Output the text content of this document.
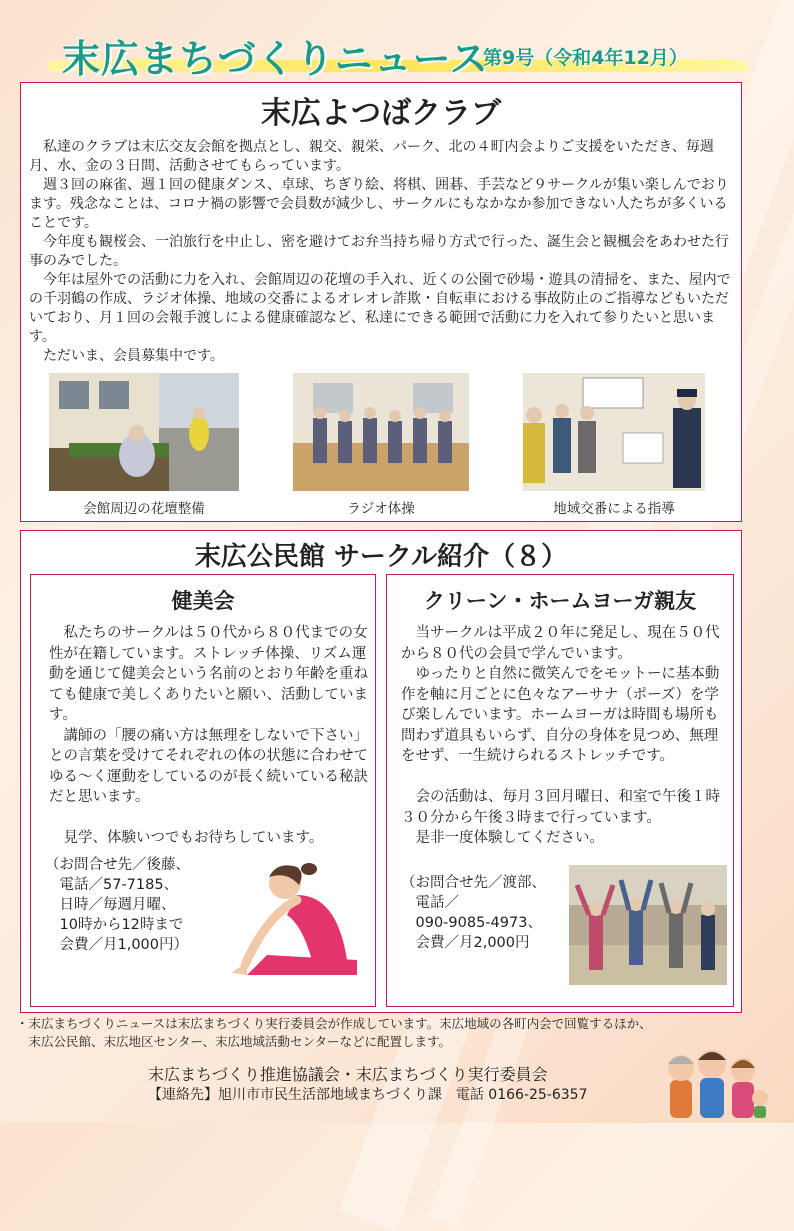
末広まちづくりニュース
第9号（令和4年12月）
末広よつばクラブ
　私達のクラブは末広交友会館を拠点とし、親交、親栄、パーク、北の４町内会よりご支援をいただき、毎週月、水、金の３日間、活動させてもらっています。
　週３回の麻雀、週１回の健康ダンス、卓球、ちぎり絵、将棋、囲碁、手芸など９サークルが集い楽しんでおります。残念なことは、コロナ禍の影響で会員数が減少し、サークルにもなかなか参加できない人たちが多くいることです。
　今年度も観桜会、一泊旅行を中止し、密を避けてお弁当持ち帰り方式で行った、誕生会と観楓会をあわせた行事のみでした。
　今年は屋外での活動に力を入れ、会館周辺の花壇の手入れ、近くの公園で砂場・遊具の清掃を、また、屋内での千羽鶴の作成、ラジオ体操、地域の交番によるオレオレ詐欺・自転車における事故防止のご指導などもいただいており、月１回の会報手渡しによる健康確認など、私達にできる範囲で活動に力を入れて参りたいと思います。
　ただいま、会員募集中です。
会館周辺の花壇整備	ラジオ体操	地域交番による指導
末広公民館 サークル紹介（８）
健美会
　私たちのサークルは５０代から８０代までの女性が在籍しています。ストレッチ体操、リズム運動を通じて健美会という名前のとおり年齢を重ねても健康で美しくありたいと願い、活動しています。
　講師の「腰の痛い方は無理をしないで下さい」との言葉を受けてそれぞれの体の状態に合わせてゆる～く運動をしているのが長く続いている秘訣だと思います。

　見学、体験いつでもお待ちしています。
（お問合せ先／後藤、
　電話／57-7185、
　日時／毎週月曜、
　10時から12時まで
　会費／月1,000円）
クリーン・ホームヨーガ親友
　当サークルは平成２０年に発足し、現在５０代から８０代の会員で学んでいます。
　ゆったりと自然に微笑んでをモットーに基本動作を軸に月ごとに色々なアーサナ（ポーズ）を学び楽しんでいます。ホームヨーガは時間も場所も問わず道具もいらず、自分の身体を見つめ、無理をせず、一生続けられるストレッチです。

　会の活動は、毎月３回月曜日、和室で午後１時３０分から午後３時まで行っています。
　是非一度体験してください。
（お問合せ先／渡部、
　電話／
　090-9085-4973、
　会費／月2,000円
・末広まちづくりニュースは末広まちづくり実行委員会が作成しています。末広地域の各町内会で回覧するほか、
　末広公民館、末広地区センター、末広地域活動センターなどに配置します。
末広まちづくり推進協議会・末広まちづくり実行委員会
【連絡先】旭川市市民生活部地域まちづくり課　電話 0166-25-6357
